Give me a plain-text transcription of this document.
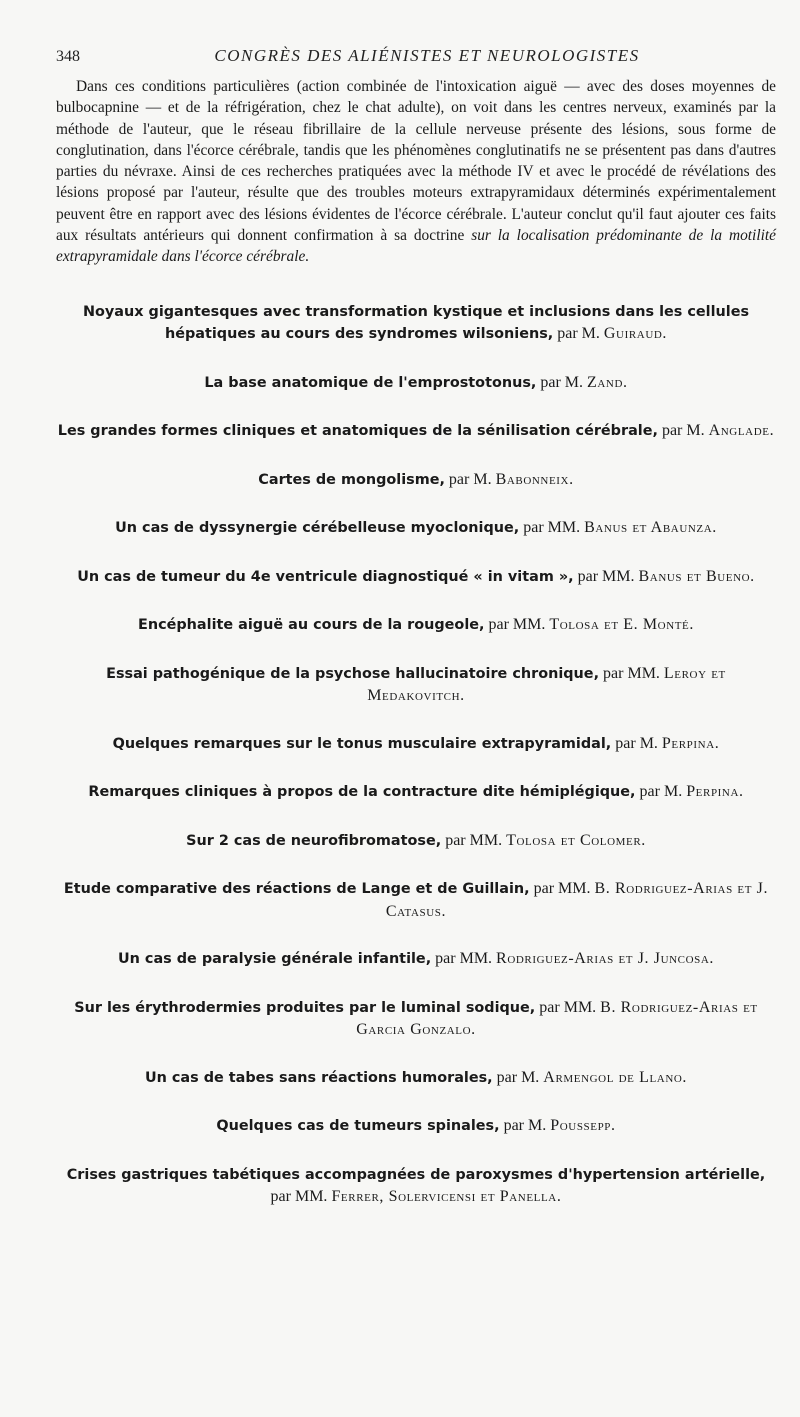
348	CONGRÈS DES ALIÉNISTES ET NEUROLOGISTES

Dans ces conditions particulières (action combinée de l'intoxication aiguë — avec des doses moyennes de bulbocapnine — et de la réfrigération, chez le chat adulte), on voit dans les centres nerveux, examinés par la méthode de l'auteur, que le réseau fibrillaire de la cellule nerveuse présente des lésions, sous forme de conglutination, dans l'écorce cérébrale, tandis que les phénomènes conglutinatifs ne se présentent pas dans d'autres parties du névraxe. Ainsi de ces recherches pratiquées avec la méthode IV et avec le procédé de révélations des lésions proposé par l'auteur, résulte que des troubles moteurs extrapyramidaux déterminés expérimentalement peuvent être en rapport avec des lésions évidentes de l'écorce cérébrale. L'auteur conclut qu'il faut ajouter ces faits aux résultats antérieurs qui donnent confirmation à sa doctrine sur la localisation prédominante de la motilité extrapyramidale dans l'écorce cérébrale.

Noyaux gigantesques avec transformation kystique et inclusions dans les cellules hépatiques au cours des syndromes wilsoniens, par M. Guiraud.
La base anatomique de l'emprostotonus, par M. Zand.
Les grandes formes cliniques et anatomiques de la sénilisation cérébrale, par M. Anglade.
Cartes de mongolisme, par M. Babonneix.
Un cas de dyssynergie cérébelleuse myoclonique, par MM. Banus et Abaunza.
Un cas de tumeur du 4e ventricule diagnostiqué « in vitam », par MM. Banus et Bueno.
Encéphalite aiguë au cours de la rougeole, par MM. Tolosa et E. Monté.
Essai pathogénique de la psychose hallucinatoire chronique, par MM. Leroy et Medakovitch.
Quelques remarques sur le tonus musculaire extrapyramidal, par M. Perpina.
Remarques cliniques à propos de la contracture dite hémiplégique, par M. Perpina.
Sur 2 cas de neurofibromatose, par MM. Tolosa et Colomer.
Etude comparative des réactions de Lange et de Guillain, par MM. B. Rodriguez-Arias et J. Catasus.
Un cas de paralysie générale infantile, par MM. Rodriguez-Arias et J. Juncosa.
Sur les érythrodermies produites par le luminal sodique, par MM. B. Rodriguez-Arias et Garcia Gonzalo.
Un cas de tabes sans réactions humorales, par M. Armengol de Llano.
Quelques cas de tumeurs spinales, par M. Poussepp.
Crises gastriques tabétiques accompagnées de paroxysmes d'hypertension artérielle, par MM. Ferrer, Solervicensi et Panella.
